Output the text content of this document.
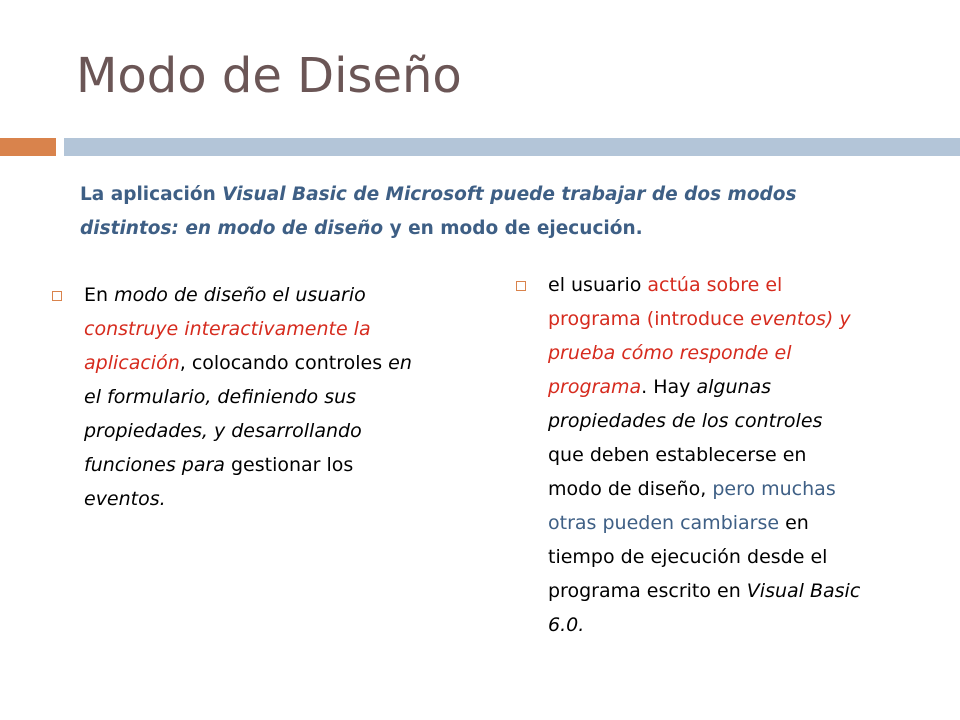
Modo de Diseño
La aplicación Visual Basic de Microsoft puede trabajar de dos modos distintos: en modo de diseño y en modo de ejecución.
En modo de diseño el usuario construye interactivamente la aplicación, colocando controles en el formulario, definiendo sus propiedades, y desarrollando funciones para gestionar los eventos.
el usuario actúa sobre el programa (introduce eventos) y prueba cómo responde el programa. Hay algunas propiedades de los controles que deben establecerse en modo de diseño, pero muchas otras pueden cambiarse en tiempo de ejecución desde el programa escrito en Visual Basic 6.0.
